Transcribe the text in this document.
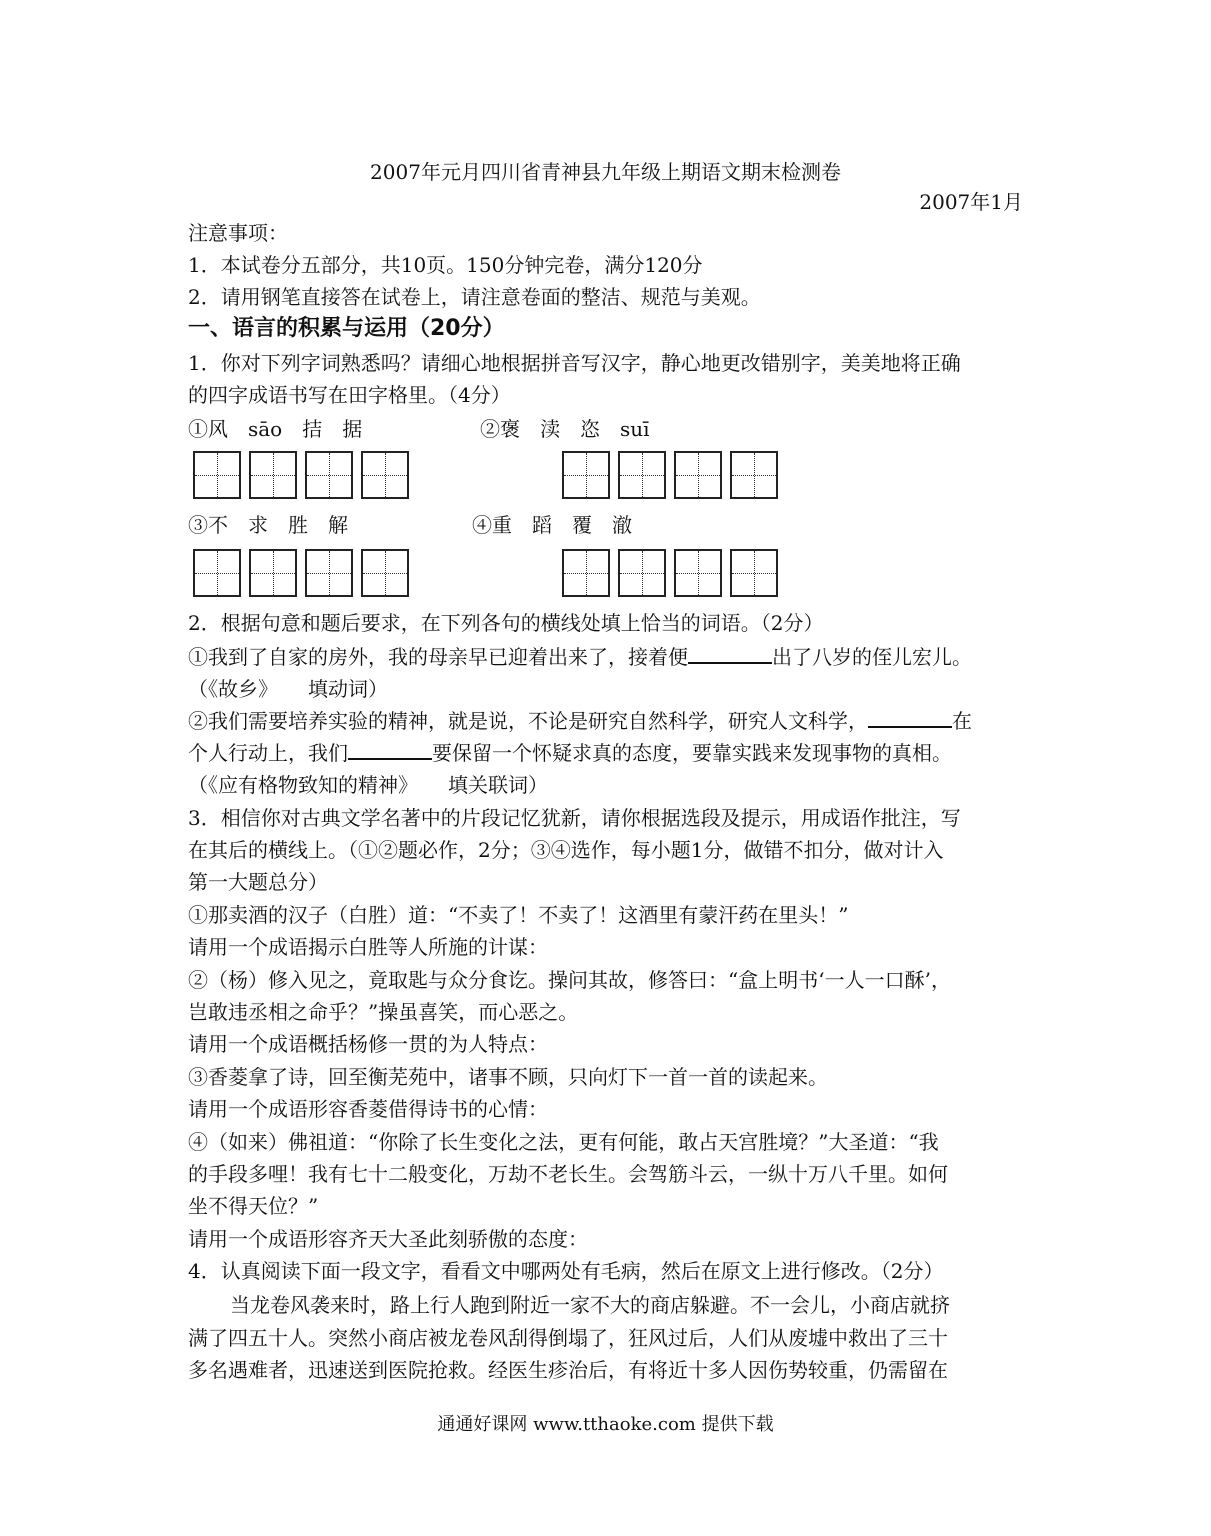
2007年元月四川省青神县九年级上期语文期末检测卷
2007年1月
注意事项：
1．本试卷分五部分，共10页。150分钟完卷，满分120分
2．请用钢笔直接答在试卷上，请注意卷面的整洁、规范与美观。
一、语言的积累与运用（20分）
1．你对下列字词熟悉吗？请细心地根据拼音写汉字，静心地更改错别字，美美地将正确
的四字成语书写在田字格里。（4分）
①风　sāo　拮　据	②褒　渎　恣　suī
③不　求　胜　解	④重　蹈　覆　澈
2．根据句意和题后要求，在下列各句的横线处填上恰当的词语。（2分）
①我到了自家的房外，我的母亲早已迎着出来了，接着便	出了八岁的侄儿宏儿。
（《故乡》　　填动词）
②我们需要培养实验的精神，就是说，不论是研究自然科学，研究人文科学，	在
个人行动上，我们	要保留一个怀疑求真的态度，要靠实践来发现事物的真相。
（《应有格物致知的精神》　　填关联词）
3．相信你对古典文学名著中的片段记忆犹新，请你根据选段及提示，用成语作批注，写
在其后的横线上。（①②题必作，2分；③④选作，每小题1分，做错不扣分，做对计入
第一大题总分）
①那卖酒的汉子（白胜）道：“不卖了！不卖了！这酒里有蒙汗药在里头！”
请用一个成语揭示白胜等人所施的计谋：
②（杨）修入见之，竟取匙与众分食讫。操问其故，修答曰：“盒上明书‘一人一口酥’，
岂敢违丞相之命乎？”操虽喜笑，而心恶之。
请用一个成语概括杨修一贯的为人特点：
③香菱拿了诗，回至衡芜苑中，诸事不顾，只向灯下一首一首的读起来。
请用一个成语形容香菱借得诗书的心情：
④（如来）佛祖道：“你除了长生变化之法，更有何能，敢占天宫胜境？”大圣道：“我
的手段多哩！我有七十二般变化，万劫不老长生。会驾筋斗云，一纵十万八千里。如何
坐不得天位？”
请用一个成语形容齐天大圣此刻骄傲的态度：
4．认真阅读下面一段文字，看看文中哪两处有毛病，然后在原文上进行修改。（2分）
当龙卷风袭来时，路上行人跑到附近一家不大的商店躲避。不一会儿，小商店就挤
满了四五十人。突然小商店被龙卷风刮得倒塌了，狂风过后，人们从废墟中救出了三十
多名遇难者，迅速送到医院抢救。经医生疹治后，有将近十多人因伤势较重，仍需留在
通通好课网 www.tthaoke.com 提供下载
